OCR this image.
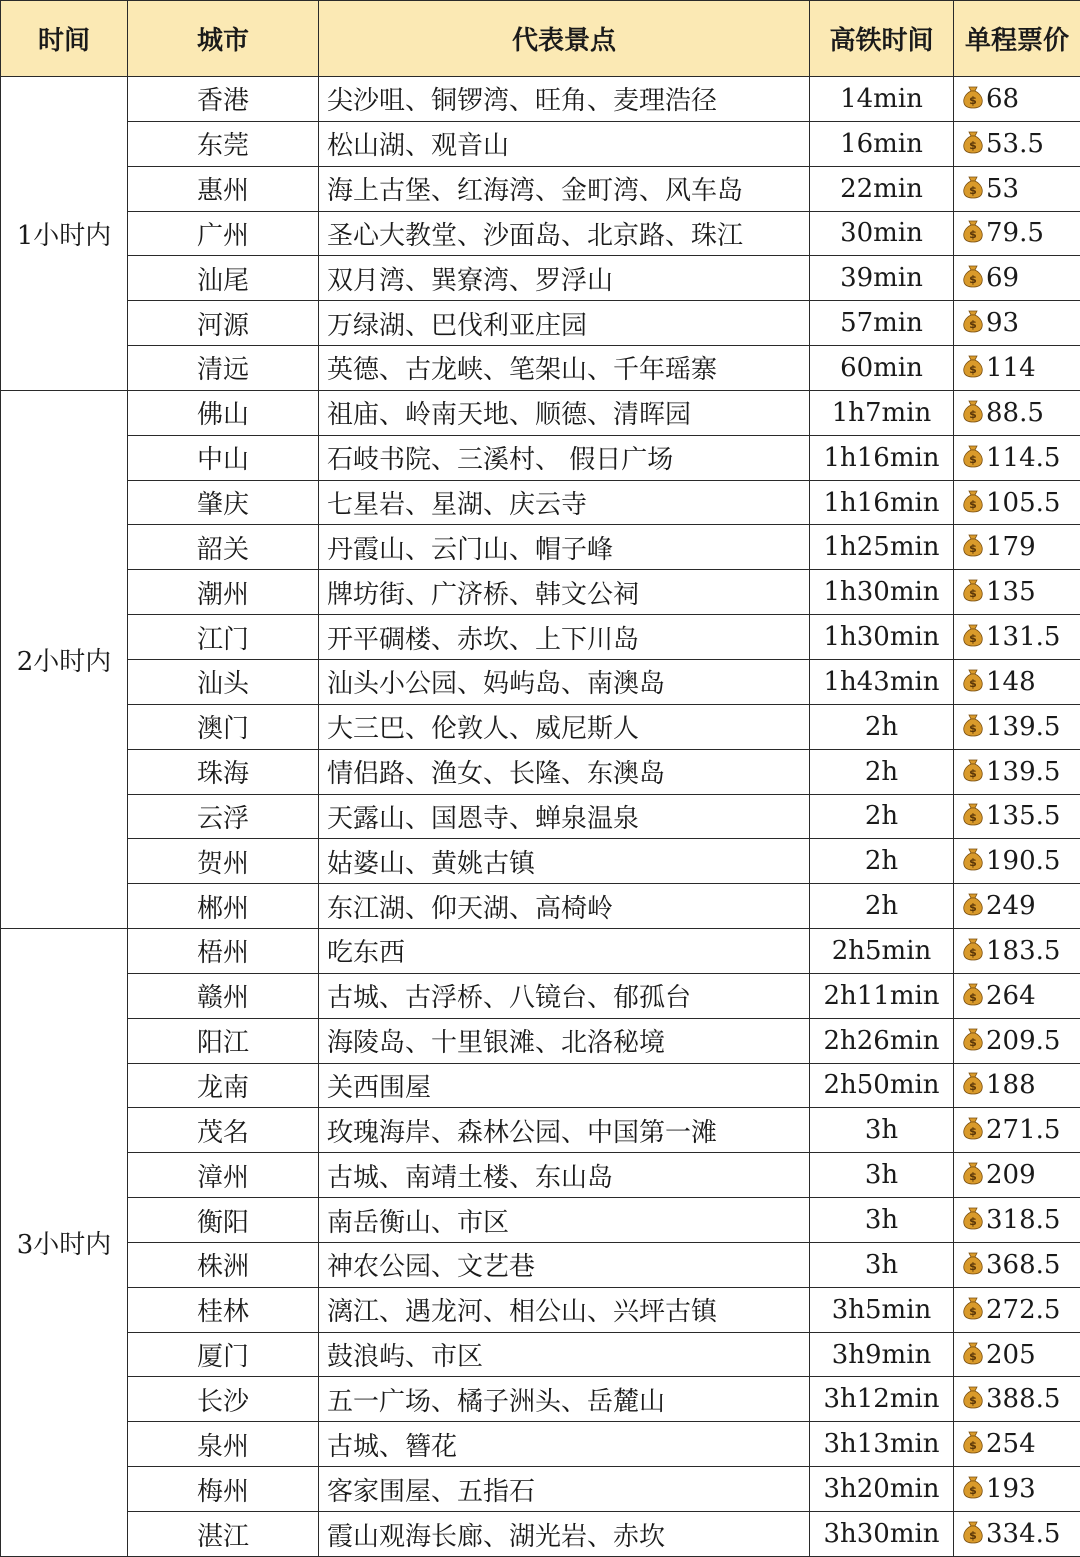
时间	城市	代表景点	高铁时间	单程票价
1小时内	香港	尖沙咀、铜锣湾、旺角、麦理浩径	14min	$ 68
	东莞	松山湖、观音山	16min	$ 53.5
	惠州	海上古堡、红海湾、金町湾、风车岛	22min	$ 53
	广州	圣心大教堂、沙面岛、北京路、珠江	30min	$ 79.5
	汕尾	双月湾、巽寮湾、罗浮山	39min	$ 69
	河源	万绿湖、巴伐利亚庄园	57min	$ 93
	清远	英德、古龙峡、笔架山、千年瑶寨	60min	$ 114
2小时内	佛山	祖庙、岭南天地、顺德、清晖园	1h7min	$ 88.5
	中山	石岐书院、三溪村、 假日广场	1h16min	$ 114.5
	肇庆	七星岩、星湖、庆云寺	1h16min	$ 105.5
	韶关	丹霞山、云门山、帽子峰	1h25min	$ 179
	潮州	牌坊街、广济桥、韩文公祠	1h30min	$ 135
	江门	开平碉楼、赤坎、上下川岛	1h30min	$ 131.5
	汕头	汕头小公园、妈屿岛、南澳岛	1h43min	$ 148
	澳门	大三巴、伦敦人、威尼斯人	2h	$ 139.5
	珠海	情侣路、渔女、长隆、东澳岛	2h	$ 139.5
	云浮	天露山、国恩寺、蝉泉温泉	2h	$ 135.5
	贺州	姑婆山、黄姚古镇	2h	$ 190.5
	郴州	东江湖、仰天湖、高椅岭	2h	$ 249
3小时内	梧州	吃东西	2h5min	$ 183.5
	赣州	古城、古浮桥、八镜台、郁孤台	2h11min	$ 264
	阳江	海陵岛、十里银滩、北洛秘境	2h26min	$ 209.5
	龙南	关西围屋	2h50min	$ 188
	茂名	玫瑰海岸、森林公园、中国第一滩	3h	$ 271.5
	漳州	古城、南靖土楼、东山岛	3h	$ 209
	衡阳	南岳衡山、市区	3h	$ 318.5
	株洲	神农公园、文艺巷	3h	$ 368.5
	桂林	漓江、遇龙河、相公山、兴坪古镇	3h5min	$ 272.5
	厦门	鼓浪屿、市区	3h9min	$ 205
	长沙	五一广场、橘子洲头、岳麓山	3h12min	$ 388.5
	泉州	古城、簪花	3h13min	$ 254
	梅州	客家围屋、五指石	3h20min	$ 193
	湛江	霞山观海长廊、湖光岩、赤坎	3h30min	$ 334.5
